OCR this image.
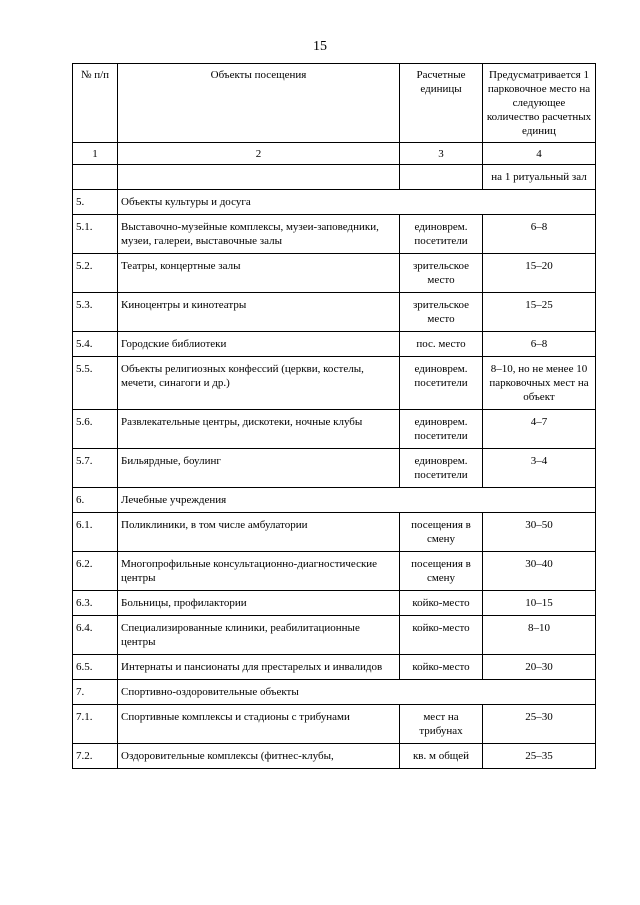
15
№ п/п	Объекты посещения	Расчетные единицы	Предусматривается 1 парковочное место на следующее количество расчетных единиц
1	2	3	4
			на 1 ритуальный зал
5.	Объекты культуры и досуга		
5.1.	Выставочно-музейные комплексы, музеи-заповедники, музеи, галереи, выставочные залы	единоврем. посетители	6–8
5.2.	Театры, концертные залы	зрительское место	15–20
5.3.	Киноцентры и кинотеатры	зрительское место	15–25
5.4.	Городские библиотеки	пос. место	6–8
5.5.	Объекты религиозных конфессий (церкви, костелы, мечети, синагоги и др.)	единоврем. посетители	8–10, но не менее 10 парковочных мест на объект
5.6.	Развлекательные центры, дискотеки, ночные клубы	единоврем. посетители	4–7
5.7.	Бильярдные, боулинг	единоврем. посетители	3–4
6.	Лечебные учреждения		
6.1.	Поликлиники, в том числе амбулатории	посещения в смену	30–50
6.2.	Многопрофильные консультационно-диагностические центры	посещения в смену	30–40
6.3.	Больницы, профилактории	койко-место	10–15
6.4.	Специализированные клиники, реабилитационные центры	койко-место	8–10
6.5.	Интернаты и пансионаты для престарелых и инвалидов	койко-место	20–30
7.	Спортивно-оздоровительные объекты		
7.1.	Спортивные комплексы и стадионы с трибунами	мест на трибунах	25–30
7.2.	Оздоровительные комплексы (фитнес-клубы,	кв. м общей	25–35
